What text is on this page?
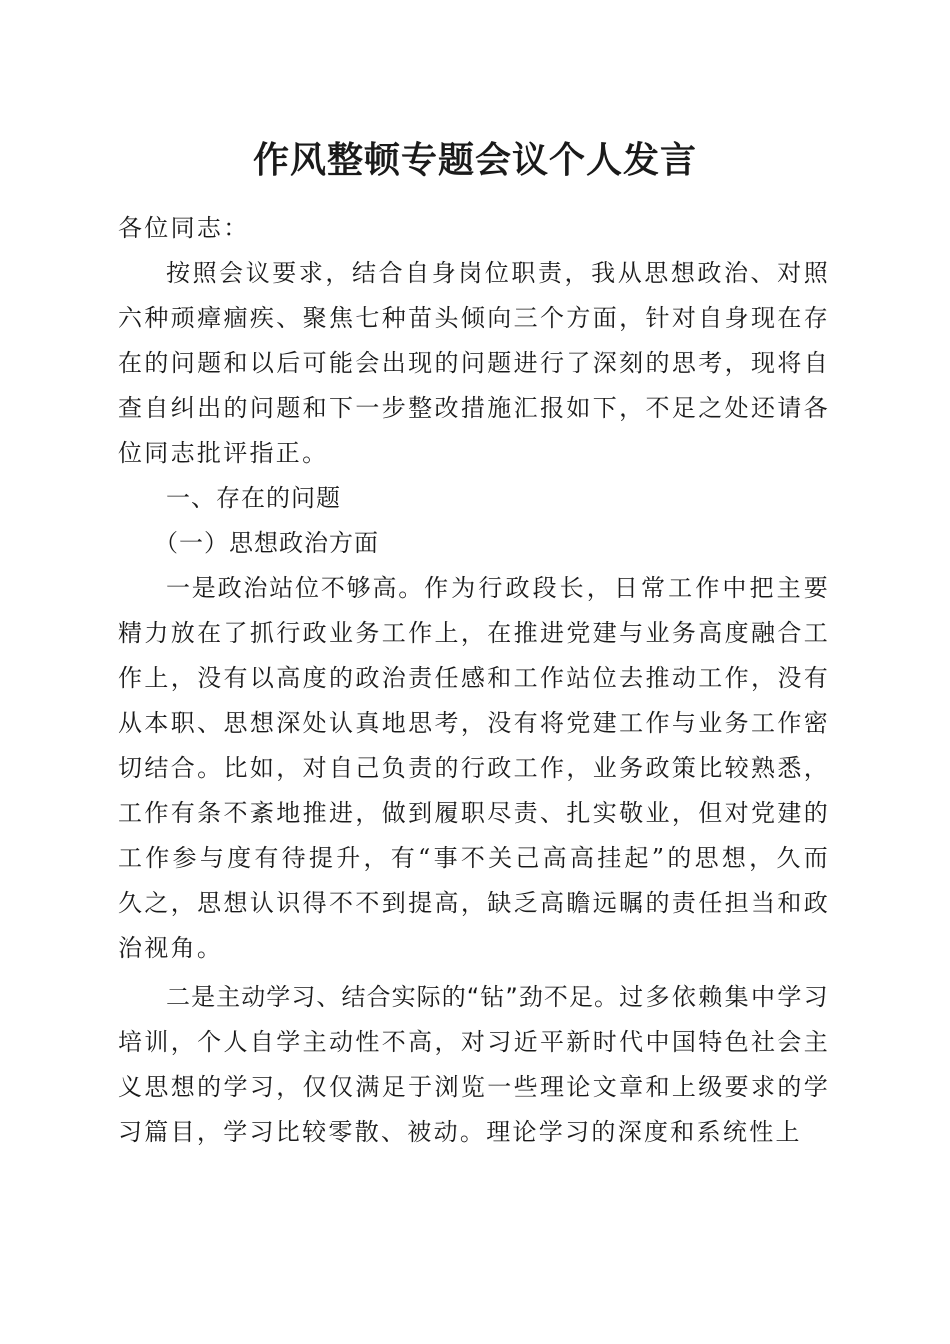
作风整顿专题会议个人发言

各位同志：

按照会议要求，结合自身岗位职责，我从思想政治、对照六种顽瘴痼疾、聚焦七种苗头倾向三个方面，针对自身现在存在的问题和以后可能会出现的问题进行了深刻的思考，现将自查自纠出的问题和下一步整改措施汇报如下，不足之处还请各位同志批评指正。

一、存在的问题

（一）思想政治方面

一是政治站位不够高。作为行政段长，日常工作中把主要精力放在了抓行政业务工作上，在推进党建与业务高度融合工作上，没有以高度的政治责任感和工作站位去推动工作，没有从本职、思想深处认真地思考，没有将党建工作与业务工作密切结合。比如，对自己负责的行政工作，业务政策比较熟悉，工作有条不紊地推进，做到履职尽责、扎实敬业，但对党建的工作参与度有待提升，有“事不关己高高挂起”的思想，久而久之，思想认识得不不到提高，缺乏高瞻远瞩的责任担当和政治视角。

二是主动学习、结合实际的“钻”劲不足。过多依赖集中学习培训，个人自学主动性不高，对习近平新时代中国特色社会主义思想的学习，仅仅满足于浏览一些理论文章和上级要求的学习篇目，学习比较零散、被动。理论学习的深度和系统性上
